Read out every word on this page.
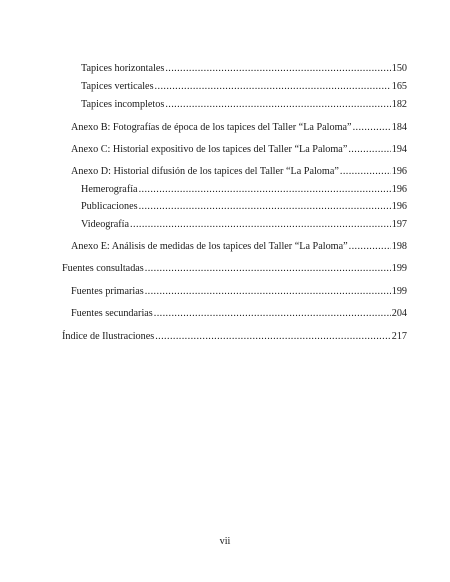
Tapices horizontales .....	150
Tapices verticales .....	165
Tapices incompletos .....	182
Anexo B: Fotografías de época de los tapices del Taller “La Paloma” .....	184
Anexo C: Historial expositivo de los tapices del Taller “La Paloma” .....	194
Anexo D: Historial difusión de los tapices del Taller “La Paloma” .....	196
Hemerografía .....	196
Publicaciones .....	196
Videografía .....	197
Anexo E: Análisis de medidas de los tapices del Taller “La Paloma” .....	198
Fuentes consultadas .....	199
Fuentes primarias .....	199
Fuentes secundarias .....	204
Índice de Ilustraciones .....	217
vii
